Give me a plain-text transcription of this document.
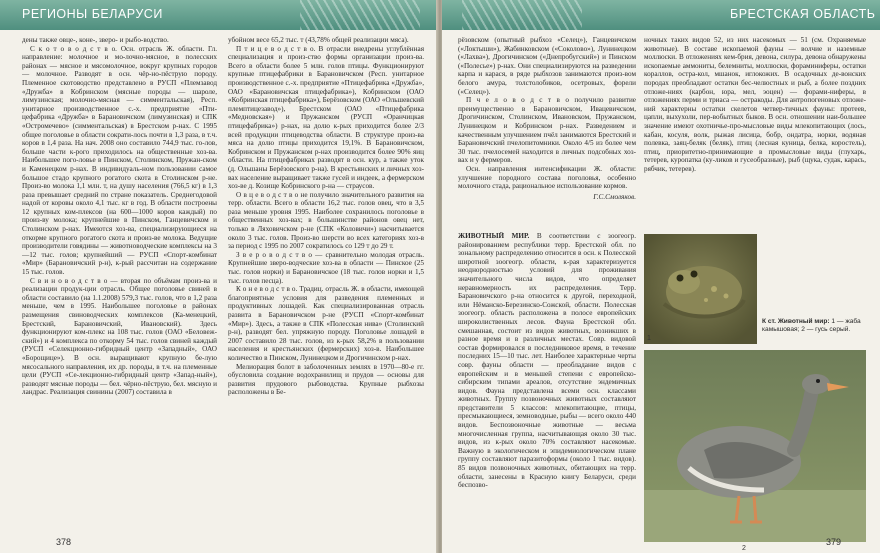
РЕГИОНЫ БЕЛАРУСИ

дены также овце-, коне-, зверо- и рыбо-водство.

С к о т о в о д с т в о. Осн. отрасль Ж. области. Гл. направление: молочное и мо-лочно-мясное, в полесских районах — мясное и мясомолочное, вокруг крупных городов — молочное. Разводят в осн. чёр-но-пёструю породу. Племенное скотоводство представлено в РУСП «Племзавод «Дружба» в Кобринском (мясные породы — шароле, лимузинская; молочно-мясная — симментальская), Респ. унитарное производственное с.-х. предприятие «Пти-цефабрика «Дружба» в Барановичском (лимузинская) и СПК «Остромечево» (симментальская) в Брестском р-нах. С 1995 общее поголовье в области сократи-лось почти в 1,3 раза, в т.ч. коров в 1,4 раза. На нач. 2008 оно составило 744,9 тыс. го-лов, больше части к-рого приходилось на общественные хоз-ва. Наибольшее пого-ловье в Пинском, Столинском, Пружан-ском и Каменецком р-нах. В индивидуаль-ном пользовании самое большое стадо крупного рогатого скота в Столинском р-не. Произ-во молока 1,1 млн. т, на душу населения (766,5 кг) в 1,3 раза превышает средний по стране показатель. Среднегодовой надой от коровы около 4,1 тыс. кг в год. В области построены 12 крупных ком-плексов (на 600—1000 коров каждый) по произ-ву молока; крупнейшие в Пинском, Ганцевичском и Столинском р-нах. Имеются хоз-ва, специализирующиеся на откорме крупного рогатого скота и произ-ве молока. Ведущие производители говядины — животноводческие комплексы на 3—12 тыс. голов; крупнейший — РУСП «Спорт-комбинат «Мир» (Барановичский р-н), к-рый рассчитан на содержание 15 тыс. голов.

С в и н о в о д с т в о — вторая по объёмам произ-ва и реализации продук-ции отрасль. Общее поголовье свиней в области составило (на 1.1.2008) 579,3 тыс. голов, что в 1,2 раза меньше, чем в 1995. Наибольшее поголовье в районах размещения свиноводческих комплексов (Ка-менецкий, Брестский, Барановичский, Ивановский). Здесь функционируют ком-плекс на 108 тыс. голов (ОАО «Беловеж-ский») и 4 комплекса по откорму 54 тыс. голов свиней каждый (РУСП «Селекционно-гибридный центр «Западный», ОАО «Борощице»). В осн. выращивают крупную бе-лую мясосального направления, их др. породы, в т.ч. на племенные цели (РУСП «Се-лекционно-гибридный центр «Запад-ный»), разводят мясные породы — бел. чёрно-пёструю, бел. мясную и ландрас. Реализация свинины (2007) составила в

убойном весе 65,2 тыс. т (43,78% общей реализации мяса).

П т и ц е в о д с т в о. В отрасли внедрены углублённая специализация и произ-ство формы организации произ-ва. Всего в области более 5 млн. голов птицы. Функционируют крупные птицефабрики в Барановичском (Респ. унитарное производственное с.-х. предприятие «Птицефабрика «Дружба», ОАО «Барановичская птицефабрика»), Кобринском (ОАО «Кобринская птицефабрика»), Берёзовском (ОАО «Ольшевский племптицезавод»), Брестском (ОАО «Птицефабрика «Медновская») и Пружанском (РУСП «Оранчицкая птицефабрика») р-нах, на долю к-рых приходится более 2/3 всей продукции птицеводства области. В структуре произ-ва мяса на долю птицы приходится 19,1%. В Барановичском, Кобринском и Пружанском р-нах производится более 90% яиц области. На птицефабриках разводят в осн. кур, а также уток (д. Ольшаны Берёзовского р-на). В крестьянских и личных хоз-вах население выращивает также гусей и индеек, а фермерском хоз-ве д. Козище Кобринского р-на — страусов.

О в ц е в о д с т в о не получило значительного развития на терр. области. Всего в области 16,2 тыс. голов овец, что в 3,5 раза меньше уровня 1995. Наиболее сохранилось поголовье в общественных хоз-вах; в большинстве районов овец нет, только в Ляховичском р-не (СПК «Коловичи») насчитывается около 3 тыс. голов. Произ-во шерсти во всех категориях хоз-в за период с 1995 по 2007 сократилось со 129 т до 29 т.

З в е р о в о д с т в о — сравнительно молодая отрасль. Крупнейшие зверо-водческие хоз-ва в области — Пинское (25 тыс. голов норки) и Барановичское (18 тыс. голов норки и 1,5 тыс. голов песца).

К о н е в о д с т в о. Традиц. отрасль Ж. в области, имеющей благоприятные условия для разведения племенных и продуктивных лошадей. Как специализированная отрасль развита в Барановичском р-не (РУСП «Спорт-комбинат «Мир»). Здесь, а также в СПК «Полесская нива» (Столинский р-н), разводят бел. упряжную породу. Поголовье лошадей в 2007 составило 28 тыс. голов, из к-рых 58,2% в пользовании населения и крестьянских (фермерских) хоз-в. Наибольшее количество в Пинском, Лунинецком и Дрогичинском р-нах.

Мелиорация болот в заболоченных землях в 1970—80-е гг. обусловила создание водохранилищ и прудов — основы для развития прудового рыбоводства. Крупные рыбхозы расположены в Бе-

378
БРЕСТСКАЯ ОБЛАСТЬ

рёзовском (опытный рыбхоз «Селец»), Ганцевичском («Локтыши»), Жабинковском («Соколово»), Лунинецком («Лахва»), Дрогичинском («Днепробугский») и Пинском («Полесье») р-нах. Они специализируются на разведении карпа и карася, в ряде рыбхозов занимаются произ-вом белого амура, толстолобиков, осетровых, форели («Селец»).

П ч е л о в о д с т в о получило развитие преимущественно в Барановичском, Ивацевичском, Дрогичинском, Столинском, Ивановском, Пружанском, Лунинецком и Кобринском р-нах. Разведением и качественным улучшением пчёл занимаются Брестский и Барановичский пчелопитомники. Около 4/5 из более чем 30 тыс. пчелосемей находится в личных подсобных хоз-вах и у фермеров.

Осн. направления интенсификации Ж. области: улучшение породного состава поголовья, особенно молочного стада, рациональное использование кормов.

Г.С.Смоляков.

ЖИВОТНЫЙ МИР. В соответствии с зоогеогр. районированием республики терр. Брестской обл. по зональному распределению относится в осн. к Полесской широтной зоогеогр. области, к-рая характеризуется неоднородностью условий для проживания значительного числа видов, что определяет неравномерность их распределения. Терр. Барановичского р-на относится к другой, переходной, или Нёманско-Березинско-Сожской, области. Полесская зоогеогр. область расположена в полосе европейских широколиственных лесов. Фауна Брестской обл. смешанная, состоит из видов животных, возникших в разное время и в различных местах. Совр. видовой состав формировался в последниковое время, в течение последних 15—10 тыс. лет. Наиболее характерные черты совр. фауны области — преобладание видов с европейским и в меньшей степени с европейско-сибирским типами ареалов, отсутствие эндемичных видов. Фауна представлена всеми осн. классами животных. Группу позвоночных животных составляют представители 5 классов: млекопитающие, птицы, пресмыкающиеся, земноводные, рыбы — всего около 440 видов. Беспозвоночные животные — весьма многочисленная группа, насчитывающая около 30 тыс. видов, из к-рых около 70% составляют насекомые. Важную в экологическом и эпидемиологическом плане группу составляют паразитоформы (около 1 тыс. видов). 85 видов позвоночных животных, обитающих на терр. области, занесены в Красную книгу Беларуси, среди беспозво-

ночных таких видов 52, из них насекомых — 51 (см. Охраняемые животные). В составе ископаемой фауны — волчие и наземные моллюски. В отложениях кем-брия, девона, силура, девона обнаружены ископаемые аммониты, белемниты, моллюски, фораминиферы, остатки кораллов, остра-кол, мшанок, иглокожих. В осадочных де-вонских породах преобладают остатки бес-челюстных и рыб, а более поздних отложе-ниях (карбон, юра, мел, эоцен) — форами-ниферы, в отложениях перми и триаса — остракоды. Для антропогеновых отложе-ний характерны остатки скелетов четвер-тичных фауны: протеев, цапли, выхухоли, пер-вобытных быков. В осн. отношении наи-большее значение имеют охотничье-про-мысловые виды млекопитающих (лось, кабан, косуля, волк, рыжая лисица, бобр, ондатра, норки, водяная полевка, заяц-беляк (беляк), птиц (лесная куница, белка, коростель), птиц, приоритетно-принимающие в промысловые виды (глухарь, тетерев, куропатка (ку-ликов и гусеобразные), рыб (щука, судак, карась, рябчик, тетерев).

1
К ст. Животный мир: 1 — жаба камышовая; 2 — гусь серый.
2
379
